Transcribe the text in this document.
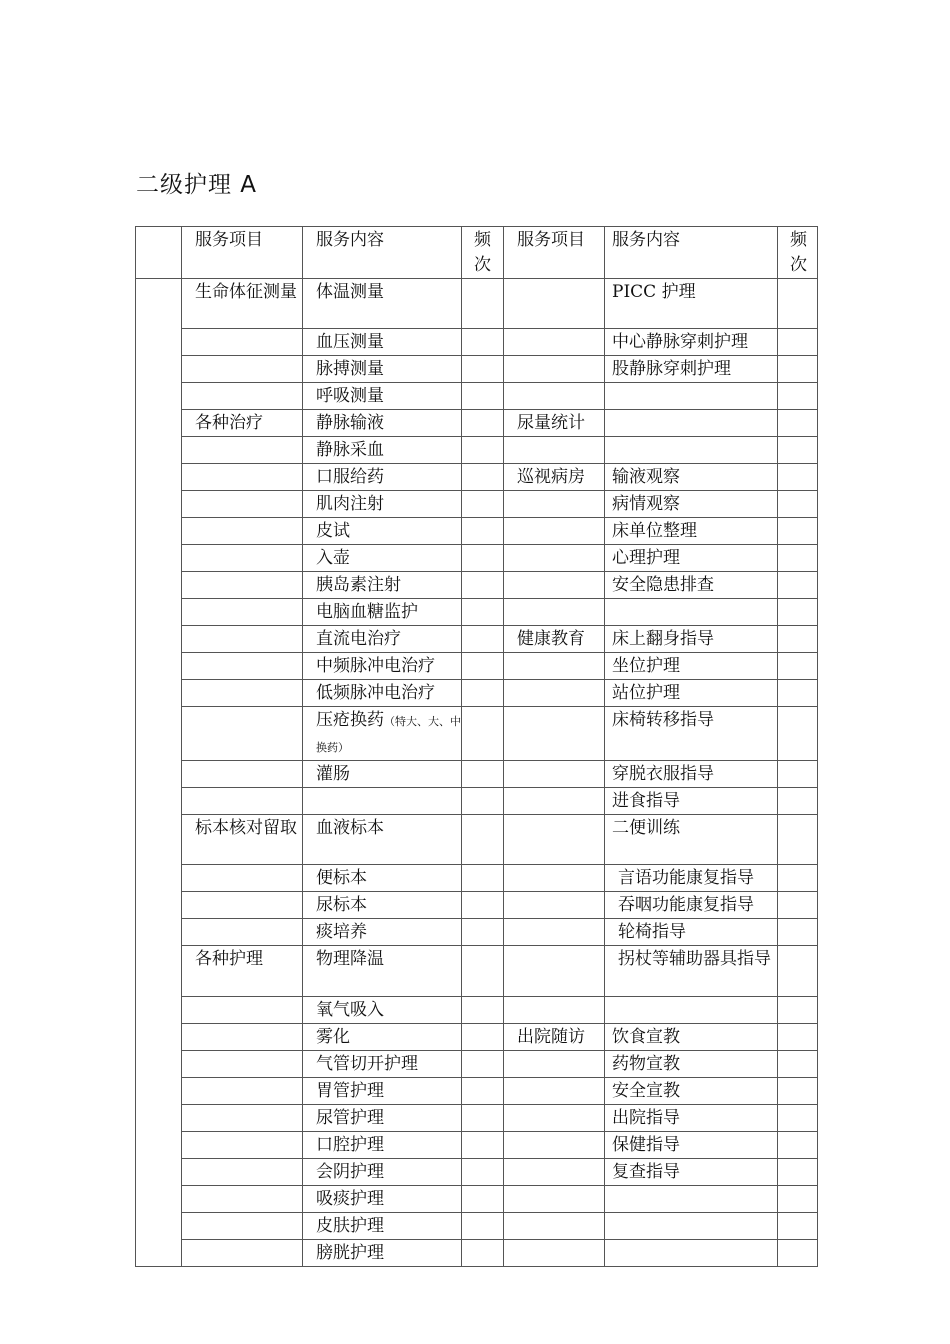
二级护理 A
	服务项目	服务内容	频次	服务项目	服务内容	频次
	生命体征测量	体温测量			PICC 护理	
		血压测量			中心静脉穿刺护理	
		脉搏测量			股静脉穿刺护理	
		呼吸测量				
	各种治疗	静脉输液		尿量统计		
		静脉采血				
		口服给药		巡视病房	输液观察	
		肌肉注射			病情观察	
		皮试			床单位整理	
		入壶			心理护理	
		胰岛素注射			安全隐患排查	
		电脑血糖监护				
		直流电治疗		健康教育	床上翻身指导	
		中频脉冲电治疗			坐位护理	
		低频脉冲电治疗			站位护理	
		压疮换药（特大、大、中换药）			床椅转移指导	
		灌肠			穿脱衣服指导	
					进食指导	
	标本核对留取	血液标本			二便训练	
		便标本			言语功能康复指导	
		尿标本			吞咽功能康复指导	
		痰培养			轮椅指导	
	各种护理	物理降温			拐杖等辅助器具指导	
		氧气吸入				
		雾化		出院随访	饮食宣教	
		气管切开护理			药物宣教	
		胃管护理			安全宣教	
		尿管护理			出院指导	
		口腔护理			保健指导	
		会阴护理			复查指导	
		吸痰护理				
		皮肤护理				
		膀胱护理				
